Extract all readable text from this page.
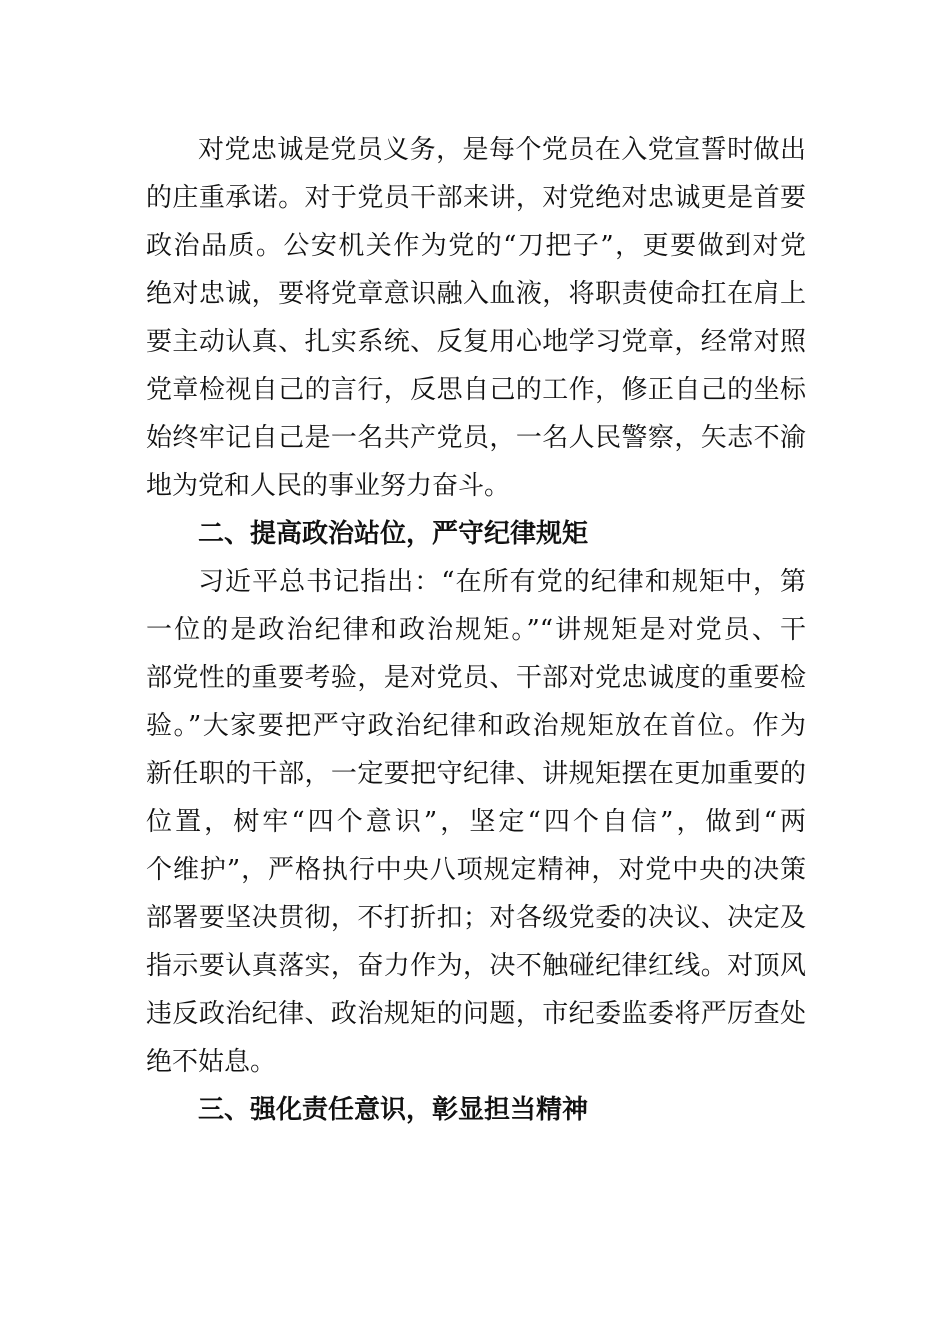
对党忠诚是党员义务，是每个党员在入党宣誓时做出
的庄重承诺。对于党员干部来讲，对党绝对忠诚更是首要
政治品质。公安机关作为党的“刀把子”，更要做到对党
绝对忠诚，要将党章意识融入血液，将职责使命扛在肩上
要主动认真、扎实系统、反复用心地学习党章，经常对照
党章检视自己的言行，反思自己的工作，修正自己的坐标
始终牢记自己是一名共产党员，一名人民警察，矢志不渝
地为党和人民的事业努力奋斗。
二、提高政治站位，严守纪律规矩
习近平总书记指出：“在所有党的纪律和规矩中，第
一位的是政治纪律和政治规矩。”“讲规矩是对党员、干
部党性的重要考验，是对党员、干部对党忠诚度的重要检
验。”大家要把严守政治纪律和政治规矩放在首位。作为
新任职的干部，一定要把守纪律、讲规矩摆在更加重要的
位置，树牢“四个意识”，坚定“四个自信”，做到“两
个维护”，严格执行中央八项规定精神，对党中央的决策
部署要坚决贯彻，不打折扣；对各级党委的决议、决定及
指示要认真落实，奋力作为，决不触碰纪律红线。对顶风
违反政治纪律、政治规矩的问题，市纪委监委将严厉查处
绝不姑息。
三、强化责任意识，彰显担当精神
